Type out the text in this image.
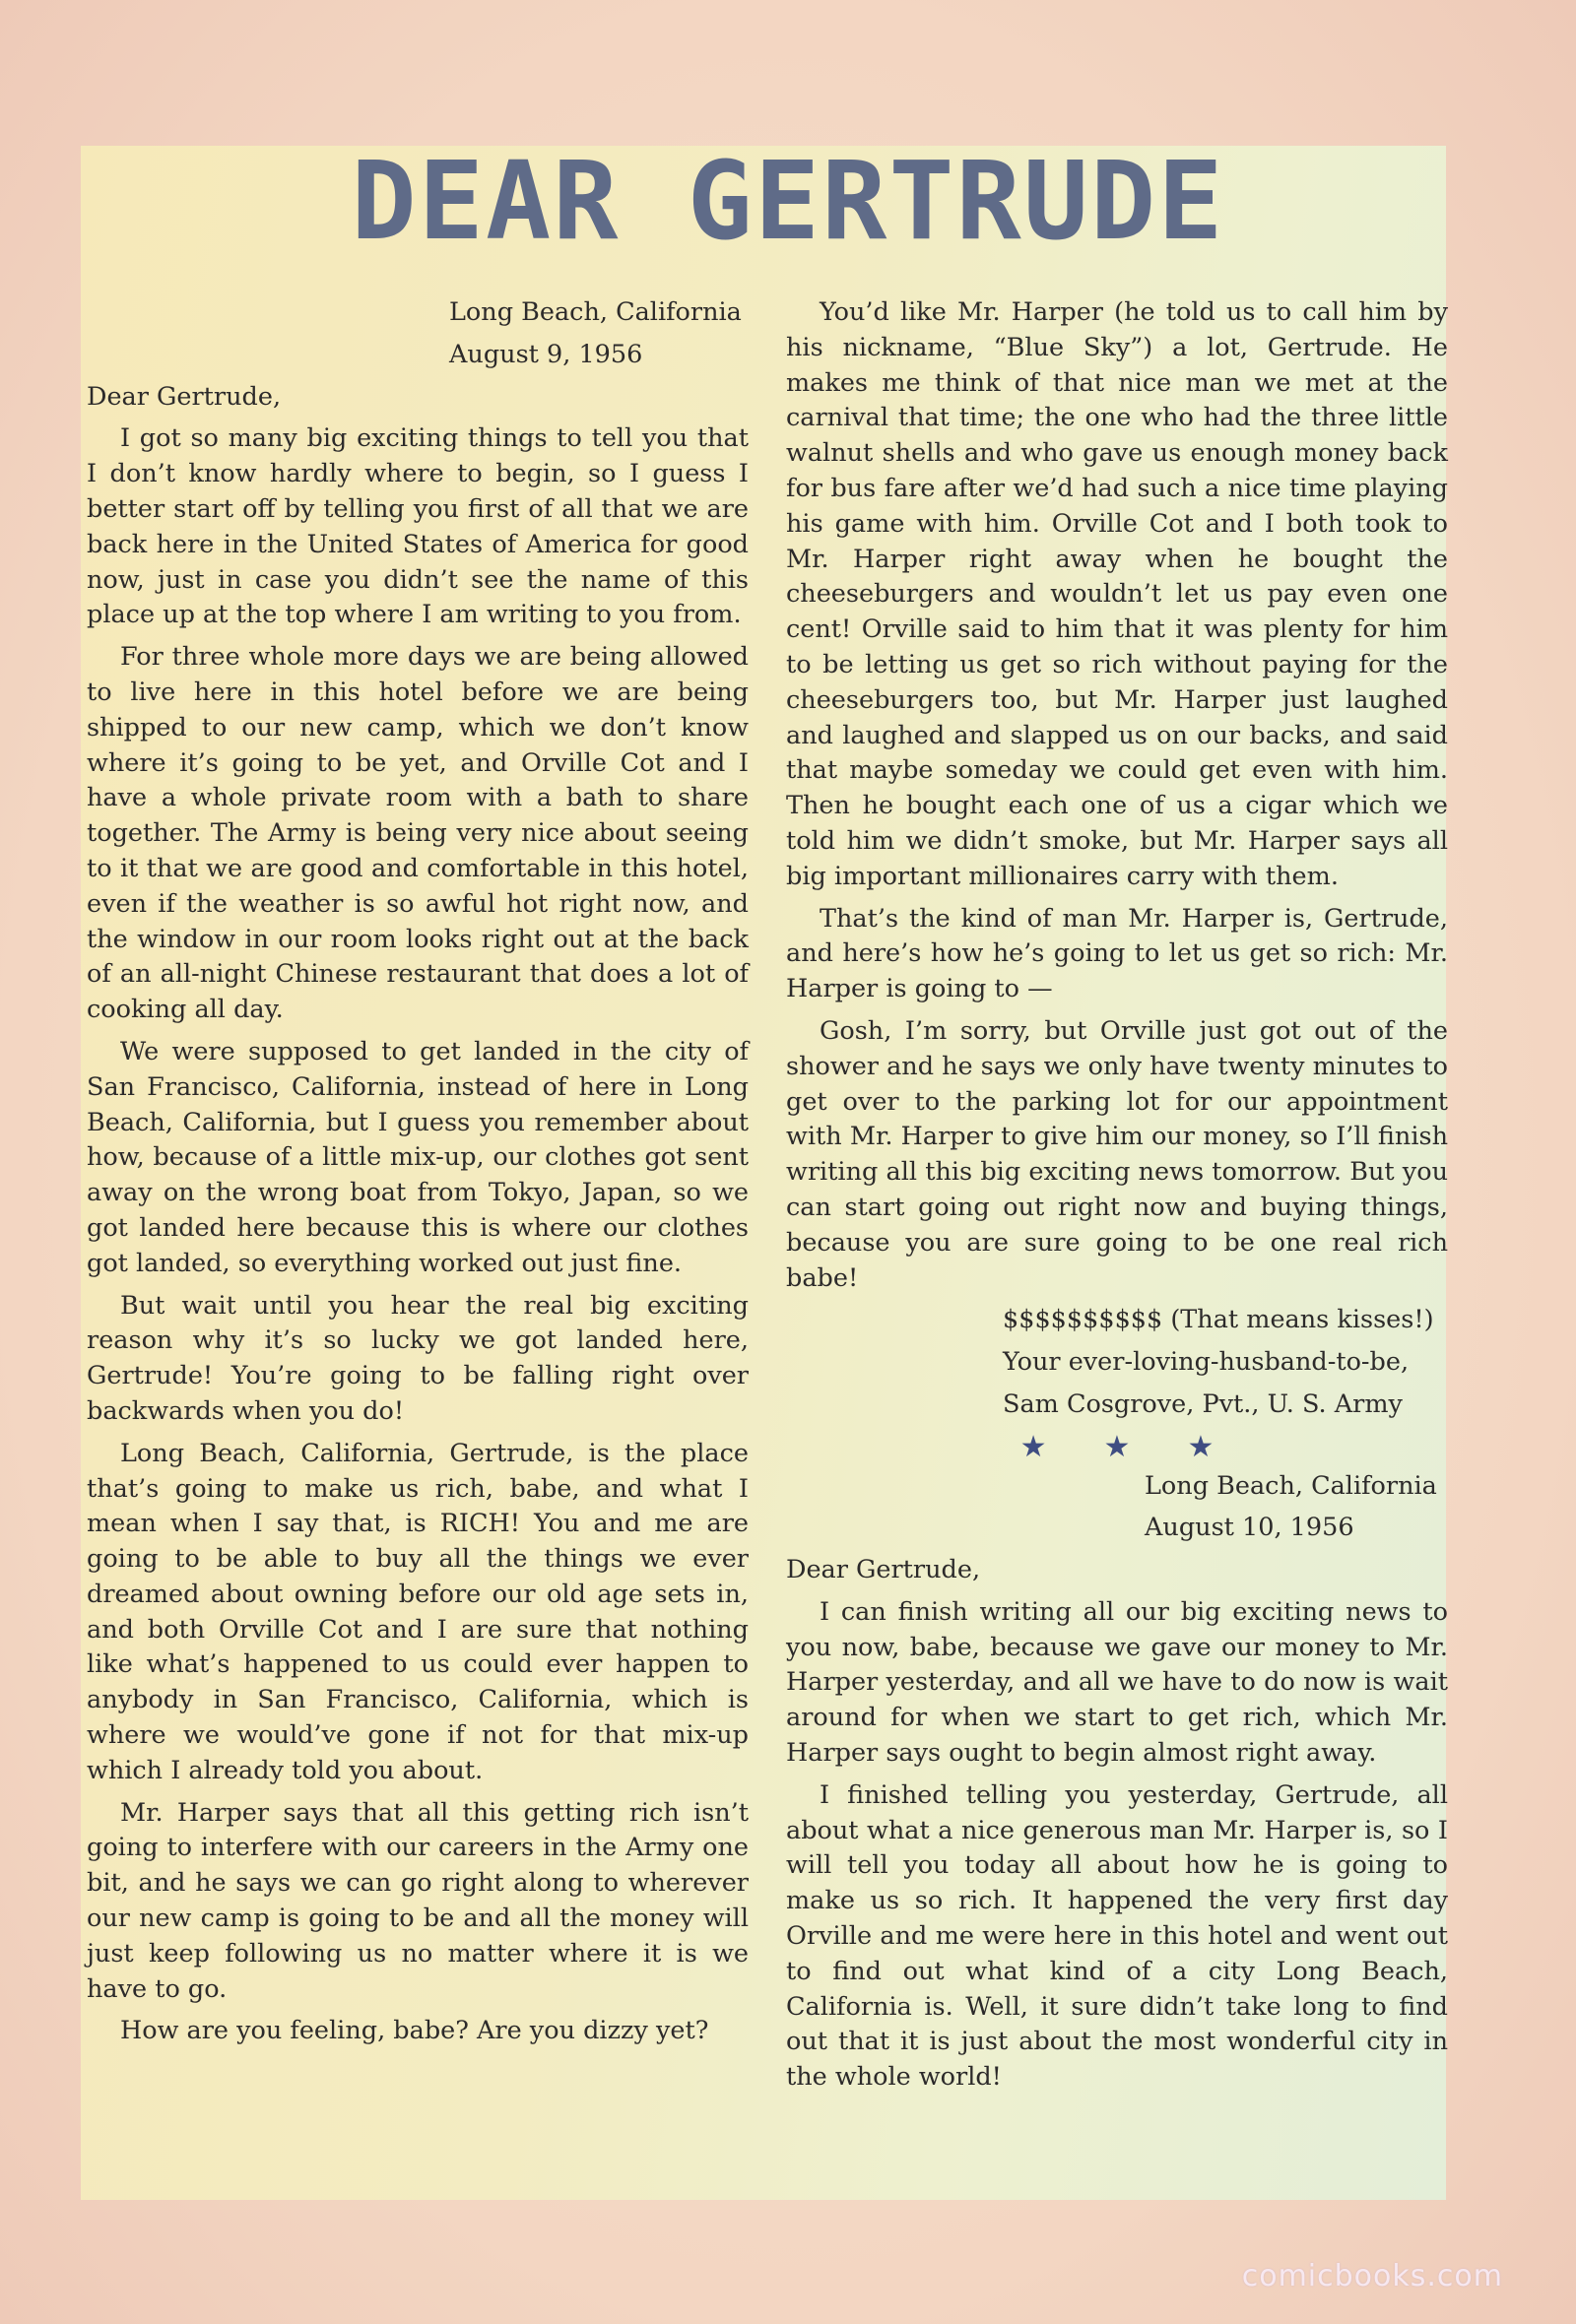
DEAR GERTRUDE

Long Beach, California

August 9, 1956

Dear Gertrude,

I got so many big exciting things to tell you that I don’t know hardly where to begin, so I guess I better start off by telling you first of all that we are back here in the United States of America for good now, just in case you didn’t see the name of this place up at the top where I am writing to you from.

For three whole more days we are being allowed to live here in this hotel before we are being shipped to our new camp, which we don’t know where it’s going to be yet, and Orville Cot and I have a whole private room with a bath to share together. The Army is being very nice about seeing to it that we are good and comfortable in this hotel, even if the weather is so awful hot right now, and the window in our room looks right out at the back of an all-night Chinese restaurant that does a lot of cooking all day.

We were supposed to get landed in the city of San Francisco, California, instead of here in Long Beach, California, but I guess you remember about how, because of a little mix-up, our clothes got sent away on the wrong boat from Tokyo, Japan, so we got landed here because this is where our clothes got landed, so everything worked out just fine.

But wait until you hear the real big exciting reason why it’s so lucky we got landed here, Gertrude! You’re going to be falling right over backwards when you do!

Long Beach, California, Gertrude, is the place that’s going to make us rich, babe, and what I mean when I say that, is RICH! You and me are going to be able to buy all the things we ever dreamed about owning before our old age sets in, and both Orville Cot and I are sure that nothing like what’s happened to us could ever happen to anybody in San Francisco, California, which is where we would’ve gone if not for that mix-up which I already told you about.

Mr. Harper says that all this getting rich isn’t going to interfere with our careers in the Army one bit, and he says we can go right along to wherever our new camp is going to be and all the money will just keep following us no matter where it is we have to go.

How are you feeling, babe? Are you dizzy yet?

You’d like Mr. Harper (he told us to call him by his nickname, “Blue Sky”) a lot, Gertrude. He makes me think of that nice man we met at the carnival that time; the one who had the three little walnut shells and who gave us enough money back for bus fare after we’d had such a nice time playing his game with him. Orville Cot and I both took to Mr. Harper right away when he bought the cheeseburgers and wouldn’t let us pay even one cent! Orville said to him that it was plenty for him to be letting us get so rich without paying for the cheeseburgers too, but Mr. Harper just laughed and laughed and slapped us on our backs, and said that maybe someday we could get even with him. Then he bought each one of us a cigar which we told him we didn’t smoke, but Mr. Harper says all big important millionaires carry with them.

That’s the kind of man Mr. Harper is, Gertrude, and here’s how he’s going to let us get so rich: Mr. Harper is going to —

Gosh, I’m sorry, but Orville just got out of the shower and he says we only have twenty minutes to get over to the parking lot for our appointment with Mr. Harper to give him our money, so I’ll finish writing all this big exciting news tomorrow. But you can start going out right now and buying things, because you are sure going to be one real rich babe!

$$$$$$$$$$ (That means kisses!)

Your ever-loving-husband-to-be,

Sam Cosgrove, Pvt., U. S. Army

★★★

Long Beach, California

August 10, 1956

Dear Gertrude,

I can finish writing all our big exciting news to you now, babe, because we gave our money to Mr. Harper yesterday, and all we have to do now is wait around for when we start to get rich, which Mr. Harper says ought to begin almost right away.

I finished telling you yesterday, Gertrude, all about what a nice generous man Mr. Harper is, so I will tell you today all about how he is going to make us so rich. It happened the very first day Orville and me were here in this hotel and went out to find out what kind of a city Long Beach, California is. Well, it sure didn’t take long to find out that it is just about the most wonderful city in the whole world!

comicbooks.com
